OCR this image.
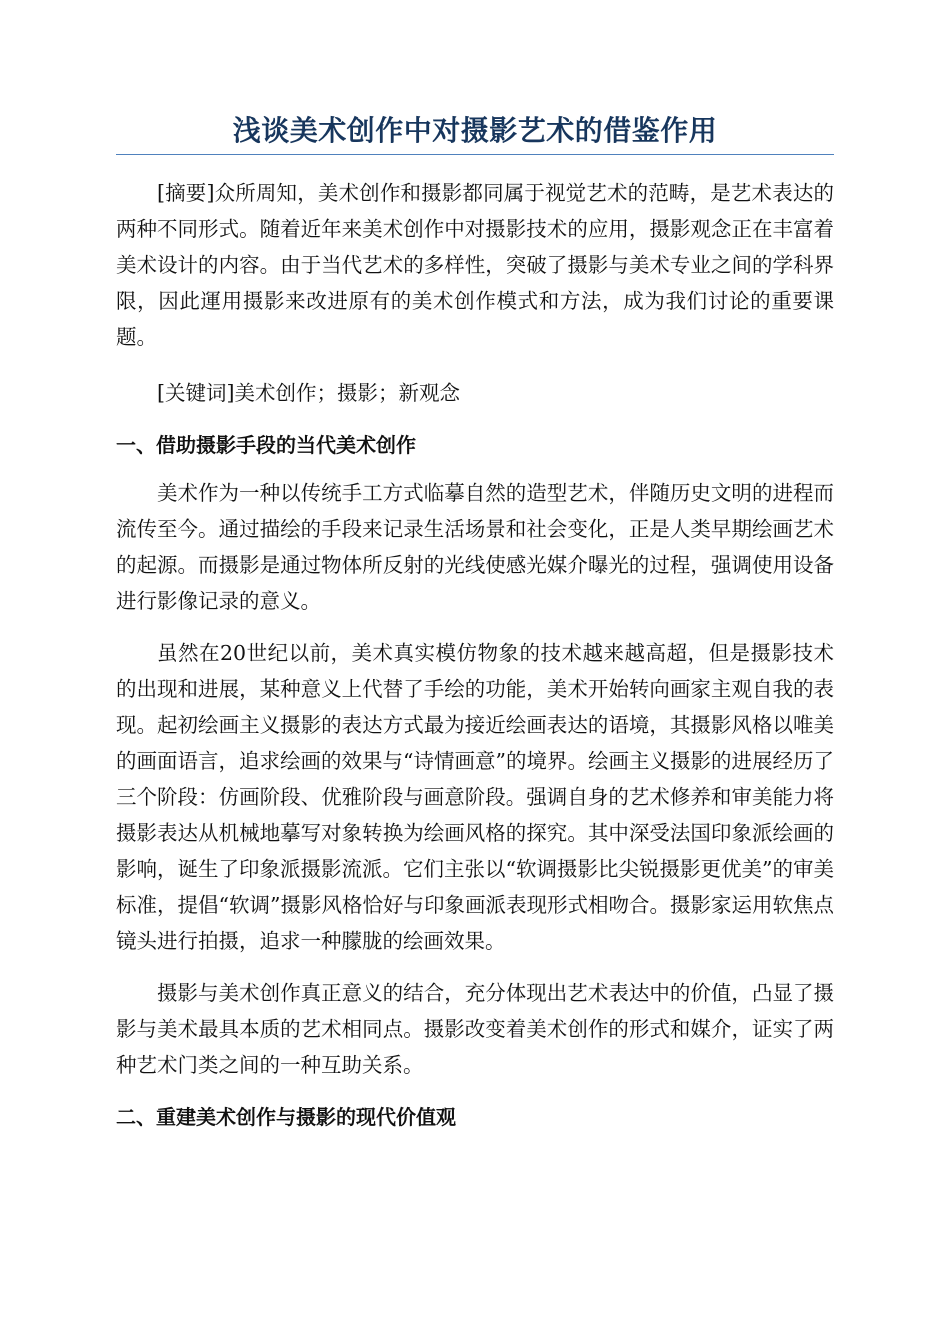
浅谈美术创作中对摄影艺术的借鉴作用

[摘要]众所周知，美术创作和摄影都同属于视觉艺术的范畴，是艺术表达的两种不同形式。随着近年来美术创作中对摄影技术的应用，摄影观念正在丰富着美术设计的内容。由于当代艺术的多样性，突破了摄影与美术专业之间的学科界限，因此運用摄影来改进原有的美术创作模式和方法，成为我们讨论的重要课题。

[关键词]美术创作；摄影；新观念

一、借助摄影手段的当代美术创作

美术作为一种以传统手工方式临摹自然的造型艺术，伴随历史文明的进程而流传至今。通过描绘的手段来记录生活场景和社会变化，正是人类早期绘画艺术的起源。而摄影是通过物体所反射的光线使感光媒介曝光的过程，强调使用设备进行影像记录的意义。

虽然在20世纪以前，美术真实模仿物象的技术越来越高超，但是摄影技术的出现和进展，某种意义上代替了手绘的功能，美术开始转向画家主观自我的表现。起初绘画主义摄影的表达方式最为接近绘画表达的语境，其摄影风格以唯美的画面语言，追求绘画的效果与“诗情画意”的境界。绘画主义摄影的进展经历了三个阶段：仿画阶段、优雅阶段与画意阶段。强调自身的艺术修养和审美能力将摄影表达从机械地摹写对象转换为绘画风格的探究。其中深受法国印象派绘画的影响，诞生了印象派摄影流派。它们主张以“软调摄影比尖锐摄影更优美”的审美标准，提倡“软调”摄影风格恰好与印象画派表现形式相吻合。摄影家运用软焦点镜头进行拍摄，追求一种朦胧的绘画效果。

摄影与美术创作真正意义的结合，充分体现出艺术表达中的价值，凸显了摄影与美术最具本质的艺术相同点。摄影改变着美术创作的形式和媒介，证实了两种艺术门类之间的一种互助关系。

二、重建美术创作与摄影的现代价值观
